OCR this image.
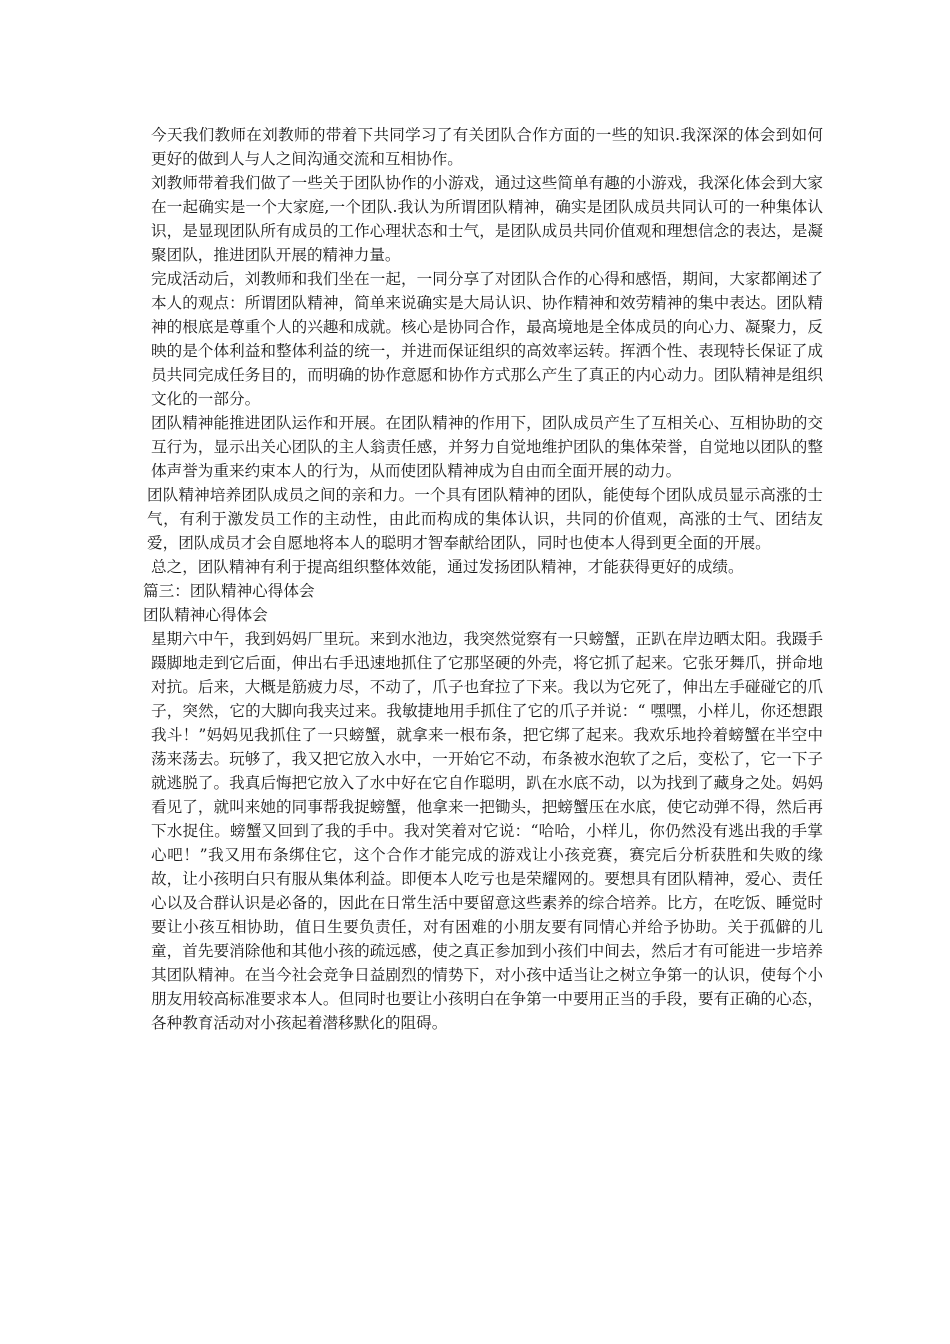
今天我们教师在刘教师的带着下共同学习了有关团队合作方面的一些的知识.我深深的体会到如何更好的做到人与人之间沟通交流和互相协作。

刘教师带着我们做了一些关于团队协作的小游戏，通过这些简单有趣的小游戏，我深化体会到大家在一起确实是一个大家庭,一个团队.我认为所谓团队精神，确实是团队成员共同认可的一种集体认识，是显现团队所有成员的工作心理状态和士气，是团队成员共同价值观和理想信念的表达，是凝聚团队，推进团队开展的精神力量。

完成活动后，刘教师和我们坐在一起，一同分享了对团队合作的心得和感悟，期间，大家都阐述了本人的观点：所谓团队精神，简单来说确实是大局认识、协作精神和效劳精神的集中表达。团队精神的根底是尊重个人的兴趣和成就。核心是协同合作，最高境地是全体成员的向心力、凝聚力，反映的是个体利益和整体利益的统一，并进而保证组织的高效率运转。挥洒个性、表现特长保证了成员共同完成任务目的，而明确的协作意愿和协作方式那么产生了真正的内心动力。团队精神是组织文化的一部分。

团队精神能推进团队运作和开展。在团队精神的作用下，团队成员产生了互相关心、互相协助的交互行为，显示出关心团队的主人翁责任感，并努力自觉地维护团队的集体荣誉，自觉地以团队的整体声誉为重来约束本人的行为，从而使团队精神成为自由而全面开展的动力。

团队精神培养团队成员之间的亲和力。一个具有团队精神的团队，能使每个团队成员显示高涨的士气，有利于激发员工作的主动性，由此而构成的集体认识，共同的价值观，高涨的士气、团结友爱，团队成员才会自愿地将本人的聪明才智奉献给团队，同时也使本人得到更全面的开展。

总之，团队精神有利于提高组织整体效能，通过发扬团队精神，才能获得更好的成绩。

篇三：团队精神心得体会

团队精神心得体会

星期六中午，我到妈妈厂里玩。来到水池边，我突然觉察有一只螃蟹，正趴在岸边晒太阳。我蹑手蹑脚地走到它后面，伸出右手迅速地抓住了它那坚硬的外壳，将它抓了起来。它张牙舞爪，拼命地对抗。后来，大概是筋疲力尽，不动了，爪子也耷拉了下来。我以为它死了，伸出左手碰碰它的爪子，突然，它的大脚向我夹过来。我敏捷地用手抓住了它的爪子并说：“ 嘿嘿，小样儿，你还想跟我斗！”妈妈见我抓住了一只螃蟹，就拿来一根布条，把它绑了起来。我欢乐地拎着螃蟹在半空中荡来荡去。玩够了，我又把它放入水中，一开始它不动，布条被水泡软了之后，变松了，它一下子就逃脱了。我真后悔把它放入了水中好在它自作聪明，趴在水底不动，以为找到了藏身之处。妈妈看见了，就叫来她的同事帮我捉螃蟹，他拿来一把锄头，把螃蟹压在水底，使它动弹不得，然后再下水捉住。螃蟹又回到了我的手中。我对笑着对它说：“哈哈，小样儿，你仍然没有逃出我的手掌心吧！”我又用布条绑住它，这个合作才能完成的游戏让小孩竞赛，赛完后分析获胜和失败的缘故，让小孩明白只有服从集体利益。即便本人吃亏也是荣耀网的。要想具有团队精神，爱心、责任心以及合群认识是必备的，因此在日常生活中要留意这些素养的综合培养。比方，在吃饭、睡觉时要让小孩互相协助，值日生要负责任，对有困难的小朋友要有同情心并给予协助。关于孤僻的儿童，首先要消除他和其他小孩的疏远感，使之真正参加到小孩们中间去，然后才有可能进一步培养其团队精神。在当今社会竞争日益剧烈的情势下，对小孩中适当让之树立争第一的认识，使每个小朋友用较高标准要求本人。但同时也要让小孩明白在争第一中要用正当的手段，要有正确的心态，各种教育活动对小孩起着潜移默化的阻碍。
